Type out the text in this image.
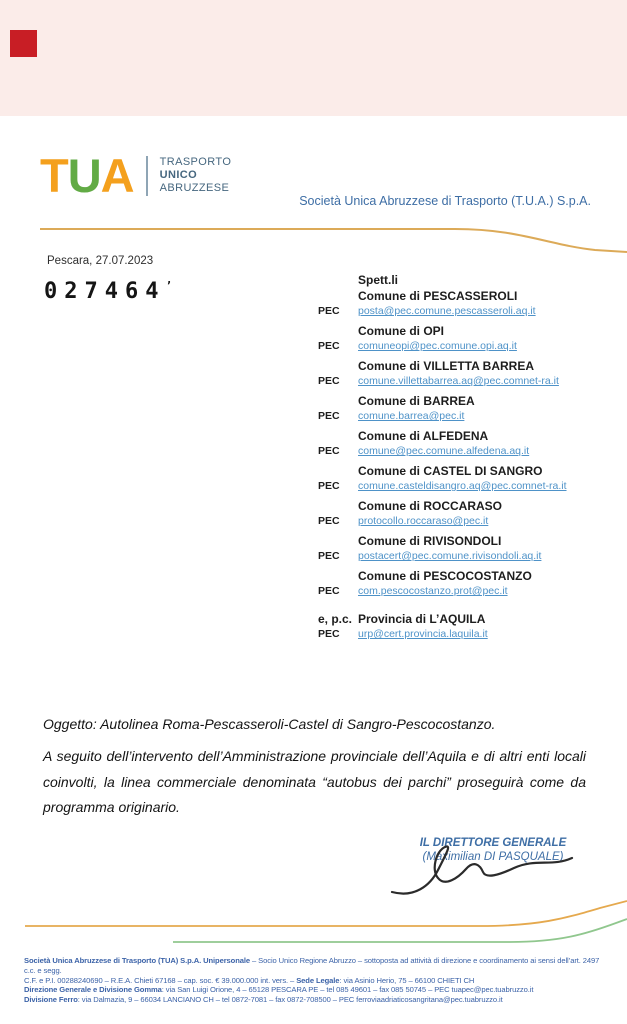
TUA TRASPORTO
UNICO
ABRUZZESE
Società Unica Abruzzese di Trasporto (T.U.A.) S.p.A.
Pescara, 27.07.2023
027464’	Spett.li
Comune di PESCASSEROLI
PEC	posta@pec.comune.pescasseroli.aq.it
Comune di OPI
PEC	comuneopi@pec.comune.opi.aq.it
Comune di VILLETTA BARREA
PEC	comune.villettabarrea.aq@pec.comnet-ra.it
Comune di BARREA
PEC	comune.barrea@pec.it
Comune di ALFEDENA
PEC	comune@pec.comune.alfedena.aq.it
Comune di CASTEL DI SANGRO
PEC	comune.casteldisangro.aq@pec.comnet-ra.it
Comune di ROCCARASO
PEC	protocollo.roccaraso@pec.it
Comune di RIVISONDOLI
PEC	postacert@pec.comune.rivisondoli.aq.it
Comune di PESCOCOSTANZO
PEC	com.pescocostanzo.prot@pec.it
e, p.c. Provincia di L’AQUILA
PEC	urp@cert.provincia.laquila.it
Oggetto: Autolinea Roma-Pescasseroli-Castel di Sangro-Pescocostanzo.
A seguito dell’intervento dell’Amministrazione provinciale dell’Aquila e di altri enti locali coinvolti, la linea commerciale denominata “autobus dei parchi” proseguirà come da programma originario.
IL DIRETTORE GENERALE
(Maximilian DI PASQUALE)
Società Unica Abruzzese di Trasporto (TUA) S.p.A. Unipersonale – Socio Unico Regione Abruzzo – sottoposta ad attività di direzione e coordinamento ai sensi dell’art. 2497 c.c. e segg.
C.F. e P.I. 00288240690 – R.E.A. Chieti 67168 – cap. soc. € 39.000.000 int. vers. – Sede Legale: via Asinio Herio, 75 – 66100 CHIETI CH
Direzione Generale e Divisione Gomma: via San Luigi Orione, 4 – 65128 PESCARA PE – tel 085 49601 – fax 085 50745 – PEC tuapec@pec.tuabruzzo.it
Divisione Ferro: via Dalmazia, 9 – 66034 LANCIANO CH – tel 0872-7081 – fax 0872-708500 – PEC ferroviaadriaticosangritana@pec.tuabruzzo.it
